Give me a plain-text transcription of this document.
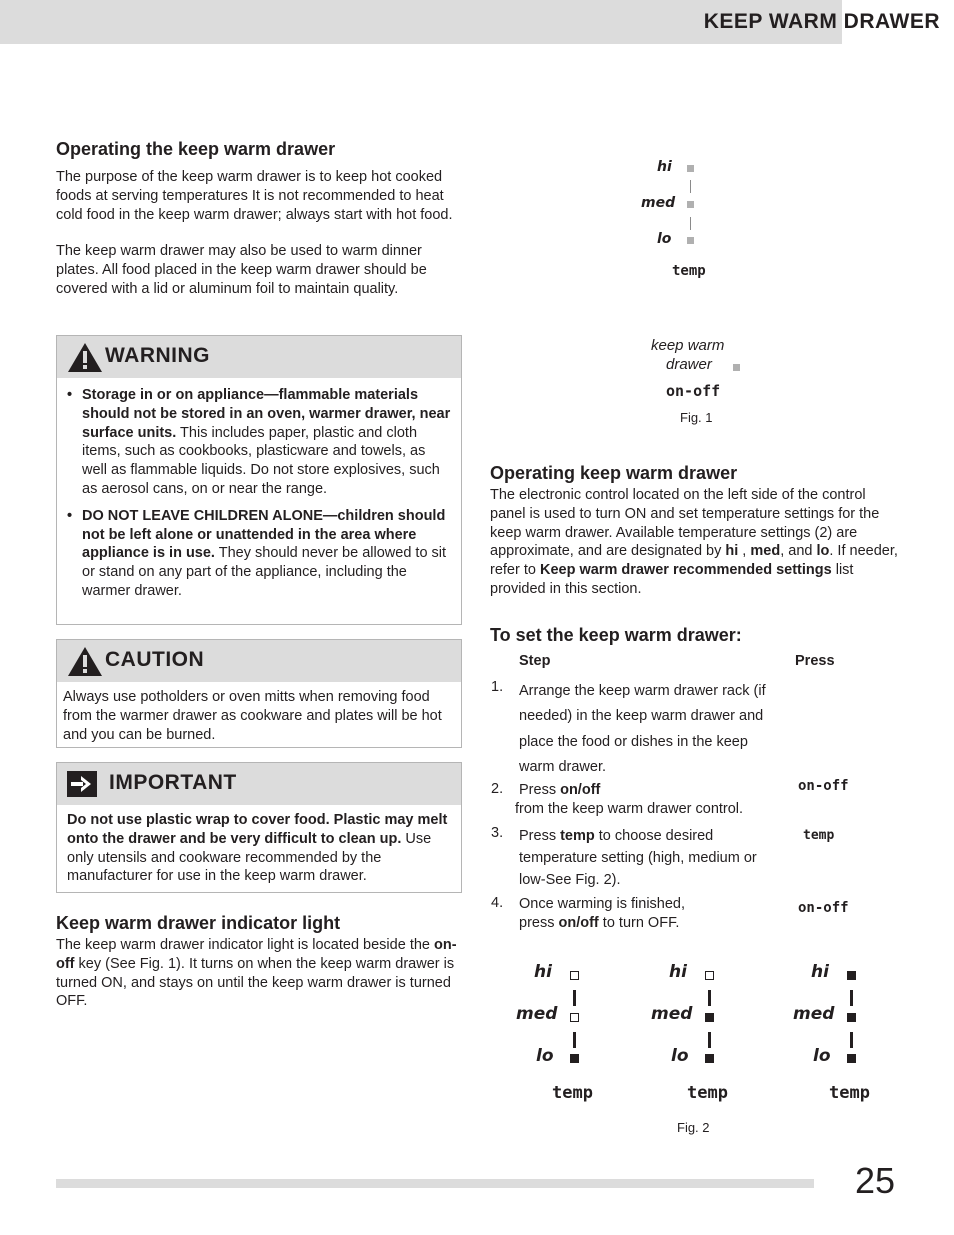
KEEP WARM DRAWER
Operating the keep warm drawer

The purpose of the keep warm drawer is to keep hot cooked foods at serving temperatures It is not recommended to heat cold food in the keep warm drawer; always start with hot food.

The keep warm drawer may also be used to warm dinner plates. All food placed in the keep warm drawer should be covered with a lid or aluminum foil to maintain quality.

WARNING
• Storage in or on appliance—flammable materials should not be stored in an oven, warmer drawer, near surface units. This includes paper, plastic and cloth items, such as cookbooks, plasticware and towels, as well as flammable liquids. Do not store explosives, such as aerosol cans, on or near the range.
• DO NOT LEAVE CHILDREN ALONE—children should not be left alone or unattended in the area where appliance is in use. They should never be allowed to sit or stand on any part of the appliance, including the warmer drawer.
CAUTION
Always use potholders or oven mitts when removing food from the warmer drawer as cookware and plates will be hot and you can be burned.
IMPORTANT
Do not use plastic wrap to cover food. Plastic may melt onto the drawer and be very difficult to clean up. Use only utensils and cookware recommended by the manufacturer for use in the keep warm drawer.
Keep warm drawer indicator light

The keep warm drawer indicator light is located beside the on-off key (See Fig. 1). It turns on when the keep warm drawer is turned ON, and stays on until the keep warm drawer is turned OFF.

hi
med
lo
temp
keep warm
drawer
on-off
Fig. 1
Operating keep warm drawer

The electronic control located on the left side of the control panel is used to turn ON and set temperature settings for the keep warm drawer. Available temperature settings (2) are approximate, and are designated by hi , med, and lo. If needer, refer to Keep warm drawer recommended settings list provided in this section.

To set the keep warm drawer:
Step	Press
1. Arrange the keep warm drawer rack (if needed) in the keep warm drawer and place the food or dishes in the keep warm drawer.
2. Press on/off
from the keep warm drawer control.
on-off
3. Press temp to choose desired temperature setting (high, medium or low-See Fig. 2).
temp
4. Once warming is finished, press on/off to turn OFF.
on-off
hi
med
lo
temp
hi
med
lo
temp
hi
med
lo
temp
Fig. 2
25
